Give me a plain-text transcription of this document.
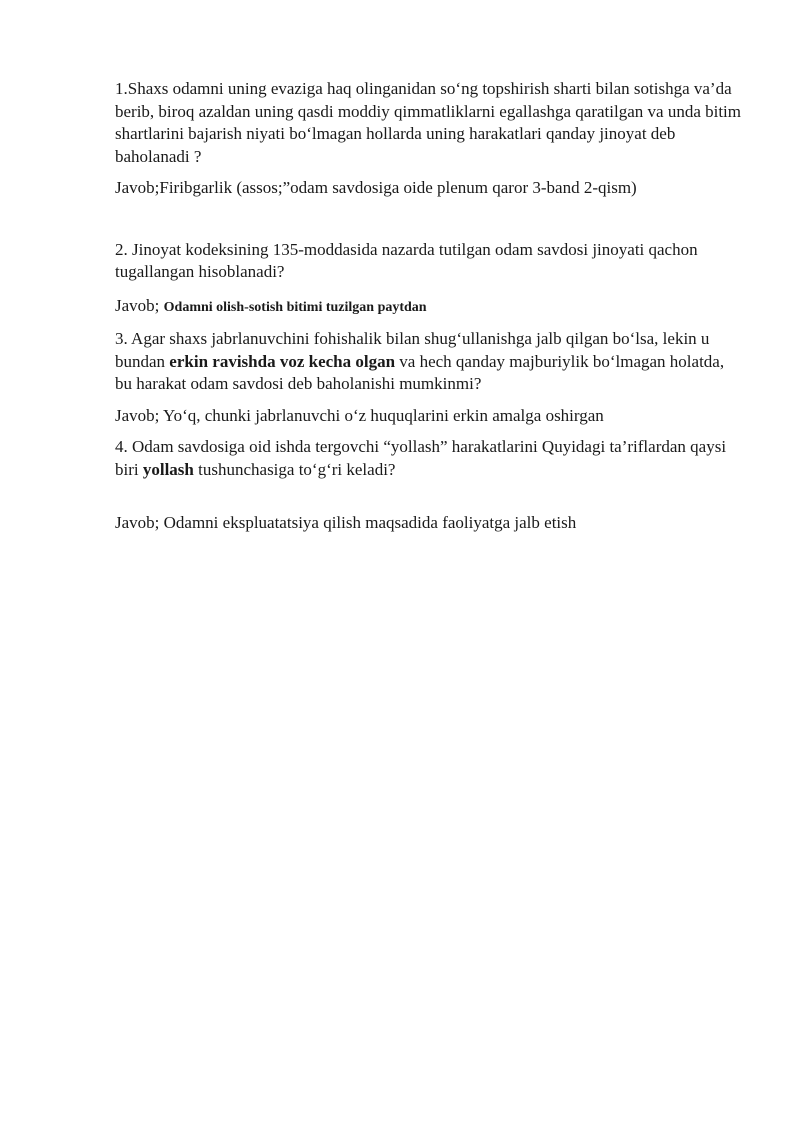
1.Shaxs odamni uning evaziga haq olinganidan so‘ng topshirish sharti bilan sotishga va’da berib, biroq azaldan uning qasdi moddiy qimmatliklarni egallashga qaratilgan va unda bitim shartlarini bajarish niyati bo‘lmagan hollarda uning harakatlari qanday jinoyat deb baholanadi ?

Javob;Firibgarlik (assos;”odam savdosiga oide plenum qaror 3-band 2-qism)

2. Jinoyat kodeksining 135-moddasida nazarda tutilgan odam savdosi jinoyati qachon tugallangan hisoblanadi?

Javob; Odamni olish-sotish bitimi tuzilgan paytdan

3. Agar shaxs jabrlanuvchini fohishalik bilan shug‘ullanishga jalb qilgan bo‘lsa, lekin u bundan erkin ravishda voz kecha olgan va hech qanday majburiylik bo‘lmagan holatda, bu harakat odam savdosi deb baholanishi mumkinmi?

Javob; Yo‘q, chunki jabrlanuvchi o‘z huquqlarini erkin amalga oshirgan

4. Odam savdosiga oid ishda tergovchi “yollash” harakatlarini Quyidagi ta’riflardan qaysi biri yollash tushunchasiga to‘g‘ri keladi?

Javob; Odamni ekspluatatsiya qilish maqsadida faoliyatga jalb etish
